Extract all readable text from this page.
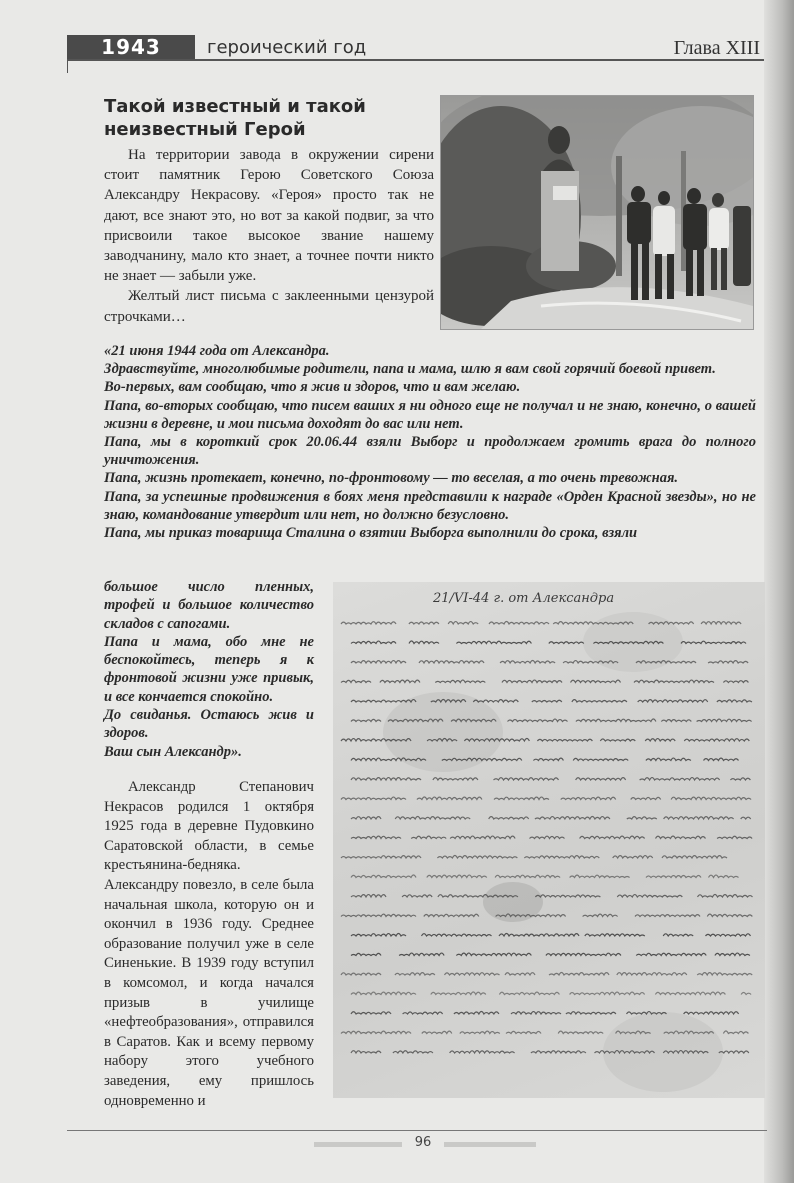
1943	героический год	Глава XIII
Такой известный и такой неизвестный Герой

На территории завода в окружении сирени стоит памятник Герою Советского Союза Александру Некрасову. «Героя» просто так не дают, все знают это, но вот за какой подвиг, за что присвоили такое высокое звание нашему заводчанину, мало кто знает, а точнее почти никто не знает — забыли уже.

Желтый лист письма с заклеенными цензурой строчками…

«21 июня 1944 года от Александра.

Здравствуйте, многолюбимые родители, папа и мама, шлю я вам свой горячий боевой привет.

Во-первых, вам сообщаю, что я жив и здоров, что и вам желаю.

Папа, во-вторых сообщаю, что писем ваших я ни одного еще не получал и не знаю, конечно, о вашей жизни в деревне, и мои письма доходят до вас или нет.

Папа, мы в короткий срок 20.06.44 взяли Выборг и продолжаем громить врага до полного уничтожения.

Папа, жизнь протекает, конечно, по-фронтовому — то веселая, а то очень тревожная.

Папа, за успешные продвижения в боях меня представили к награде «Орден Красной звезды», но не знаю, командование утвердит или нет, но должно безусловно.

Папа, мы приказ товарища Сталина о взятии Выборга выполнили до срока, взяли

большое число пленных, трофей и большое количество складов с сапогами.

Папа и мама, обо мне не беспокойтесь, теперь я к фронтовой жизни уже привык, и все кончается спокойно.

До свиданья. Остаюсь жив и здоров.

Ваш сын Александр».

Александр Степанович Некрасов родился 1 октября 1925 года в деревне Пудовкино Саратовской области, в семье крестьянина-бедняка. Александру повезло, в селе была начальная школа, которую он и окончил в 1936 году. Среднее образование получил уже в селе Синенькие. В 1939 году вступил в комсомол, и когда начался призыв в училище «нефтеобразования», отправился в Саратов. Как и всему первому набору этого учебного заведения, ему пришлось одновременно и

21/VI-44 г. от Александра
96
